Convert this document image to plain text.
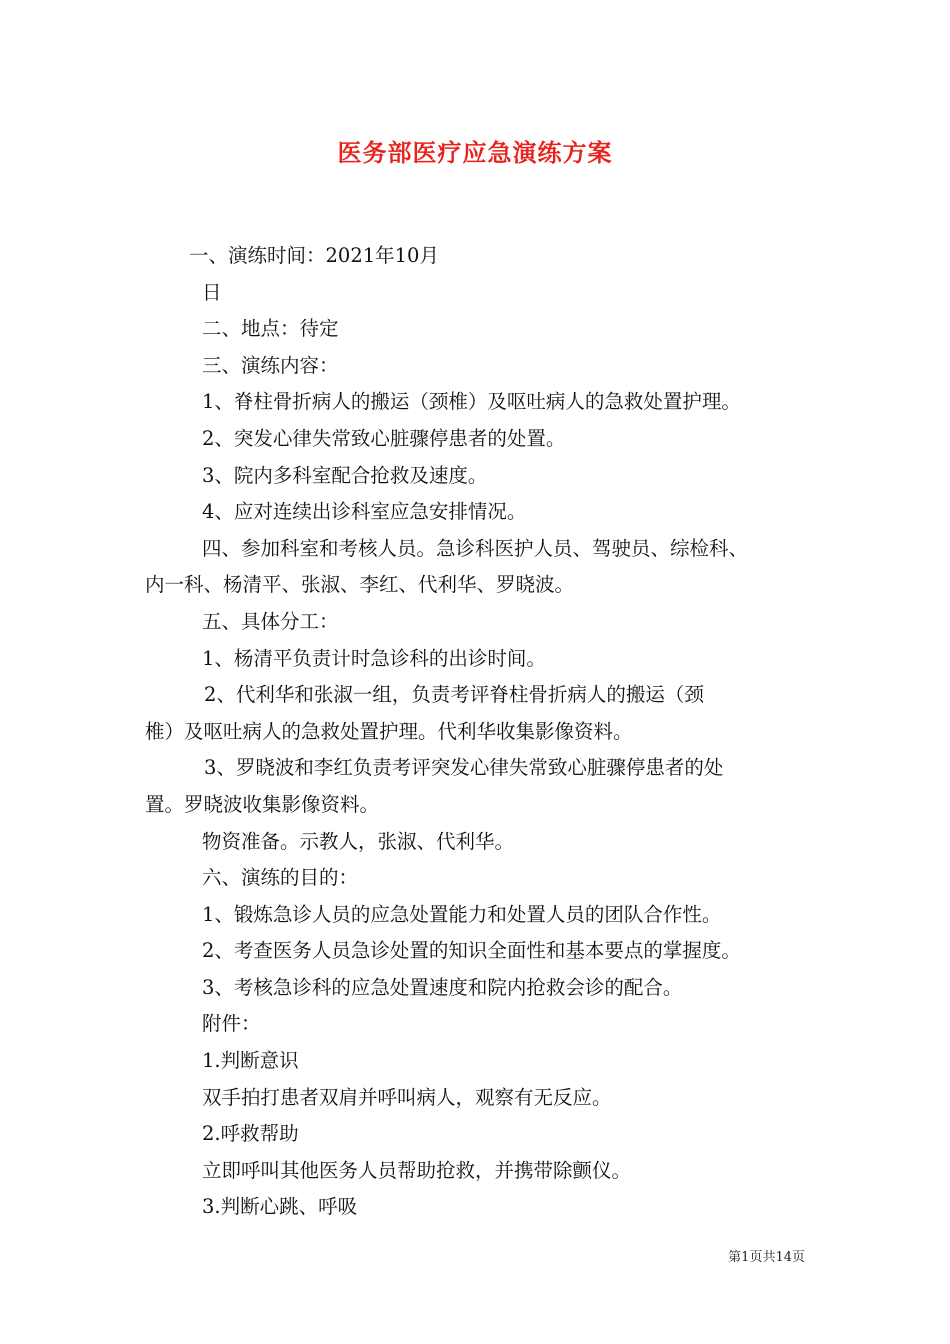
医务部医疗应急演练方案
一、演练时间：2021年10月
日
二、地点：待定
三、演练内容：
1、脊柱骨折病人的搬运（颈椎）及呕吐病人的急救处置护理。
2、突发心律失常致心脏骤停患者的处置。
3、院内多科室配合抢救及速度。
4、应对连续出诊科室应急安排情况。
四、参加科室和考核人员。急诊科医护人员、驾驶员、综检科、
内一科、杨清平、张淑、李红、代利华、罗晓波。
五、具体分工：
1、杨清平负责计时急诊科的出诊时间。
2、代利华和张淑一组，负责考评脊柱骨折病人的搬运（颈
椎）及呕吐病人的急救处置护理。代利华收集影像资料。
3、罗晓波和李红负责考评突发心律失常致心脏骤停患者的处
置。罗晓波收集影像资料。
物资准备。示教人，张淑、代利华。
六、演练的目的：
1、锻炼急诊人员的应急处置能力和处置人员的团队合作性。
2、考查医务人员急诊处置的知识全面性和基本要点的掌握度。
3、考核急诊科的应急处置速度和院内抢救会诊的配合。
附件：
1.判断意识
双手拍打患者双肩并呼叫病人，观察有无反应。
2.呼救帮助
立即呼叫其他医务人员帮助抢救，并携带除颤仪。
3.判断心跳、呼吸
第1页共14页
